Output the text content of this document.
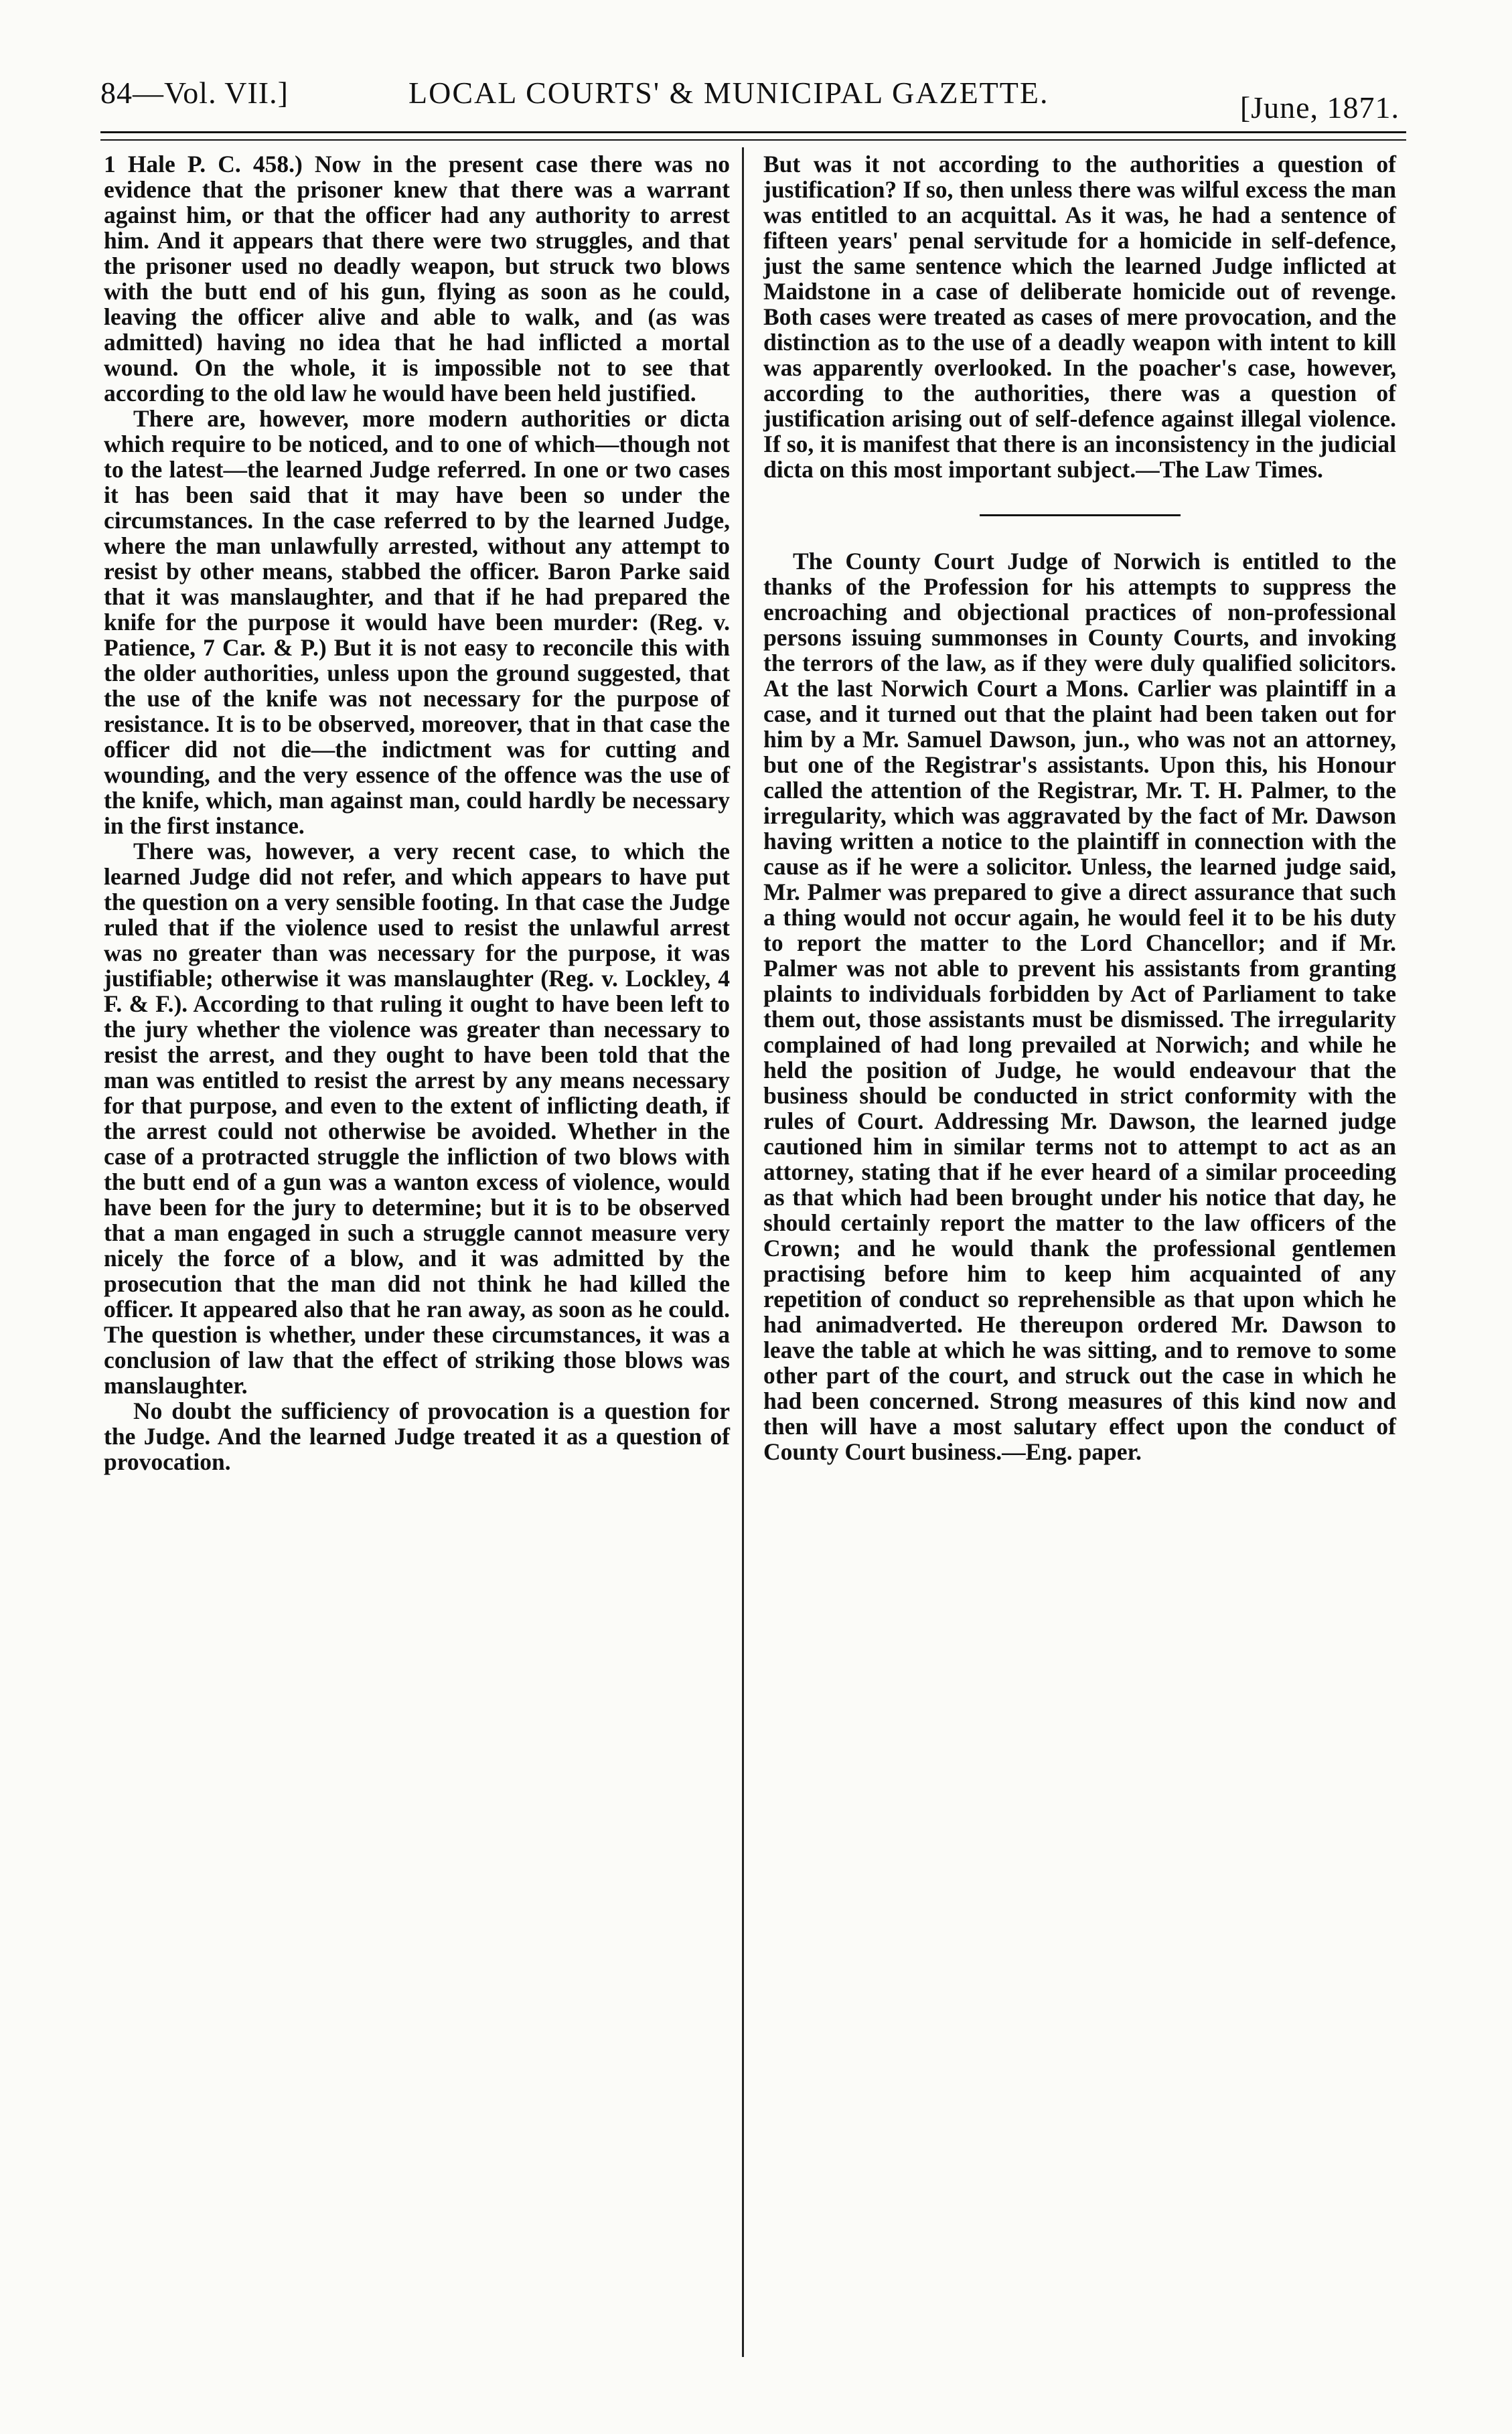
84—Vol. VII.]	LOCAL COURTS' & MUNICIPAL GAZETTE.	[June, 1871.

1 Hale P. C. 458.) Now in the present case there was no evidence that the prisoner knew that there was a warrant against him, or that the officer had any authority to arrest him. And it appears that there were two struggles, and that the prisoner used no deadly weapon, but struck two blows with the butt end of his gun, flying as soon as he could, leaving the officer alive and able to walk, and (as was admitted) having no idea that he had inflicted a mortal wound. On the whole, it is impossible not to see that according to the old law he would have been held justified.

There are, however, more modern authorities or dicta which require to be noticed, and to one of which—though not to the latest—the learned Judge referred. In one or two cases it has been said that it may have been so under the circumstances. In the case referred to by the learned Judge, where the man unlawfully arrested, without any attempt to resist by other means, stabbed the officer. Baron Parke said that it was manslaughter, and that if he had prepared the knife for the purpose it would have been murder: (Reg. v. Patience, 7 Car. & P.) But it is not easy to reconcile this with the older authorities, unless upon the ground suggested, that the use of the knife was not necessary for the purpose of resistance. It is to be observed, moreover, that in that case the officer did not die—the indictment was for cutting and wounding, and the very essence of the offence was the use of the knife, which, man against man, could hardly be necessary in the first instance.

There was, however, a very recent case, to which the learned Judge did not refer, and which appears to have put the question on a very sensible footing. In that case the Judge ruled that if the violence used to resist the unlawful arrest was no greater than was necessary for the purpose, it was justifiable; otherwise it was manslaughter (Reg. v. Lockley, 4 F. & F.). According to that ruling it ought to have been left to the jury whether the violence was greater than necessary to resist the arrest, and they ought to have been told that the man was entitled to resist the arrest by any means necessary for that purpose, and even to the extent of inflicting death, if the arrest could not otherwise be avoided. Whether in the case of a protracted struggle the infliction of two blows with the butt end of a gun was a wanton excess of violence, would have been for the jury to determine; but it is to be observed that a man engaged in such a struggle cannot measure very nicely the force of a blow, and it was admitted by the prosecution that the man did not think he had killed the officer. It appeared also that he ran away, as soon as he could. The question is whether, under these circumstances, it was a conclusion of law that the effect of striking those blows was manslaughter.

No doubt the sufficiency of provocation is a question for the Judge. And the learned Judge treated it as a question of provocation.

But was it not according to the authorities a question of justification? If so, then unless there was wilful excess the man was entitled to an acquittal. As it was, he had a sentence of fifteen years' penal servitude for a homicide in self-defence, just the same sentence which the learned Judge inflicted at Maidstone in a case of deliberate homicide out of revenge. Both cases were treated as cases of mere provocation, and the distinction as to the use of a deadly weapon with intent to kill was apparently overlooked. In the poacher's case, however, according to the authorities, there was a question of justification arising out of self-defence against illegal violence. If so, it is manifest that there is an inconsistency in the judicial dicta on this most important subject.—The Law Times.

The County Court Judge of Norwich is entitled to the thanks of the Profession for his attempts to suppress the encroaching and objectional practices of non-professional persons issuing summonses in County Courts, and invoking the terrors of the law, as if they were duly qualified solicitors. At the last Norwich Court a Mons. Carlier was plaintiff in a case, and it turned out that the plaint had been taken out for him by a Mr. Samuel Dawson, jun., who was not an attorney, but one of the Registrar's assistants. Upon this, his Honour called the attention of the Registrar, Mr. T. H. Palmer, to the irregularity, which was aggravated by the fact of Mr. Dawson having written a notice to the plaintiff in connection with the cause as if he were a solicitor. Unless, the learned judge said, Mr. Palmer was prepared to give a direct assurance that such a thing would not occur again, he would feel it to be his duty to report the matter to the Lord Chancellor; and if Mr. Palmer was not able to prevent his assistants from granting plaints to individuals forbidden by Act of Parliament to take them out, those assistants must be dismissed. The irregularity complained of had long prevailed at Norwich; and while he held the position of Judge, he would endeavour that the business should be conducted in strict conformity with the rules of Court. Addressing Mr. Dawson, the learned judge cautioned him in similar terms not to attempt to act as an attorney, stating that if he ever heard of a similar proceeding as that which had been brought under his notice that day, he should certainly report the matter to the law officers of the Crown; and he would thank the professional gentlemen practising before him to keep him acquainted of any repetition of conduct so reprehensible as that upon which he had animadverted. He thereupon ordered Mr. Dawson to leave the table at which he was sitting, and to remove to some other part of the court, and struck out the case in which he had been concerned. Strong measures of this kind now and then will have a most salutary effect upon the conduct of County Court business.—Eng. paper.
